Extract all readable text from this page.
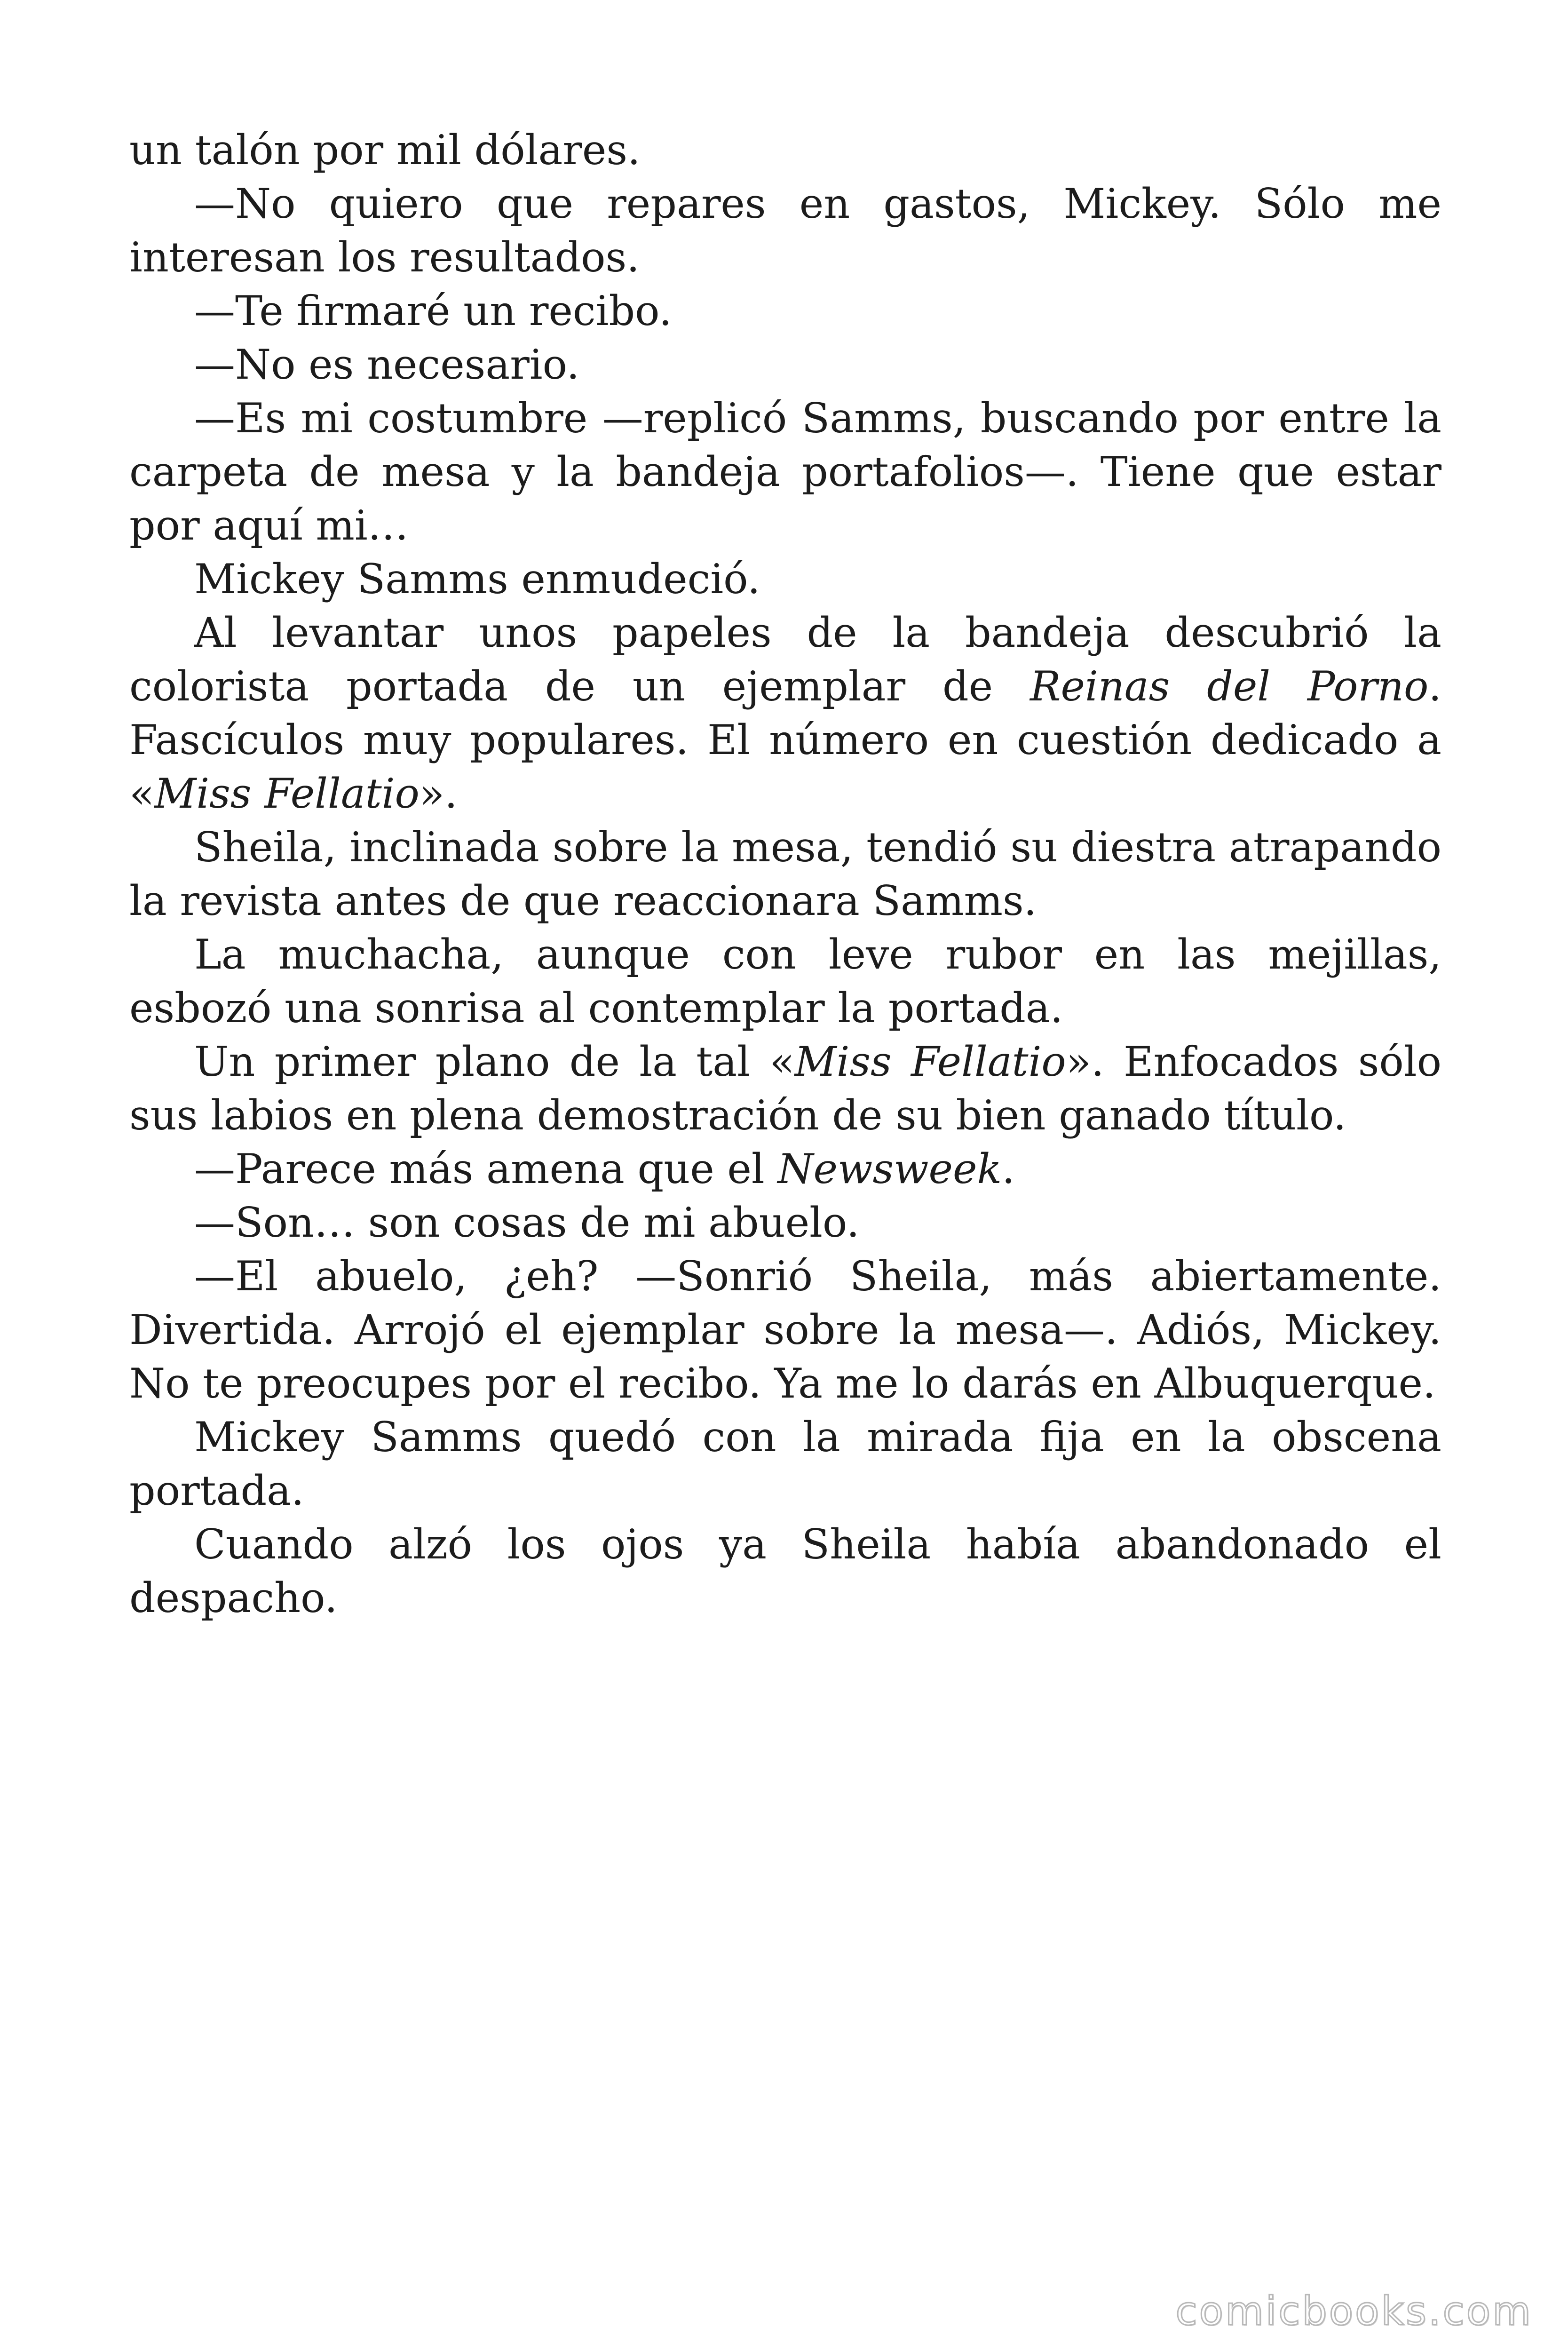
un talón por mil dólares.

—No quiero que repares en gastos, Mickey. Sólo me interesan los resultados.

—Te firmaré un recibo.

—No es necesario.

—Es mi costumbre —replicó Samms, buscando por entre la carpeta de mesa y la bandeja portafolios—. Tiene que estar por aquí mi…

Mickey Samms enmudeció.

Al levantar unos papeles de la bandeja descubrió la colorista portada de un ejemplar de Reinas del Porno. Fascículos muy populares. El número en cuestión dedicado a «Miss Fellatio».

Sheila, inclinada sobre la mesa, tendió su diestra atrapando la revista antes de que reaccionara Samms.

La muchacha, aunque con leve rubor en las mejillas, esbozó una sonrisa al contemplar la portada.

Un primer plano de la tal «Miss Fellatio». Enfocados sólo sus labios en plena demostración de su bien ganado título.

—Parece más amena que el Newsweek.

—Son… son cosas de mi abuelo.

—El abuelo, ¿eh? —Sonrió Sheila, más abiertamente. Divertida. Arrojó el ejemplar sobre la mesa—. Adiós, Mickey. No te preocupes por el recibo. Ya me lo darás en Albuquerque.

Mickey Samms quedó con la mirada fija en la obscena portada.

Cuando alzó los ojos ya Sheila había abandonado el despacho.

comicbooks.com
